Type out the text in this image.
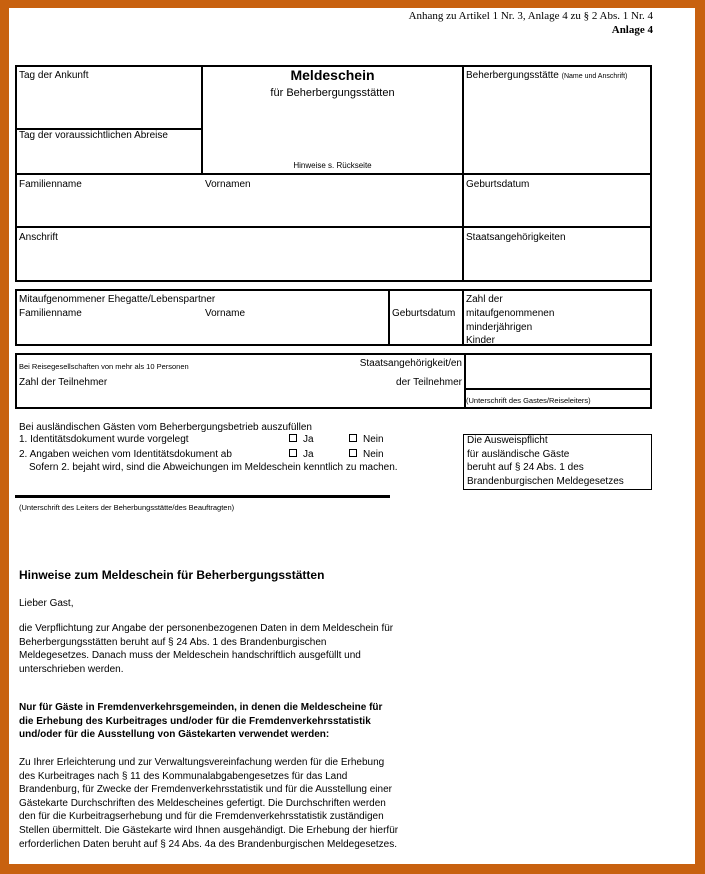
Anhang zu Artikel 1 Nr. 3, Anlage 4 zu § 2 Abs. 1 Nr. 4
Anlage 4
Tag der Ankunft
Tag der voraussichtlichen Abreise
Meldeschein
für Beherbergungsstätten
Hinweise s. Rückseite
Beherbergungsstätte (Name und Anschrift)
Familienname	Vornamen	Geburtsdatum
Anschrift	Staatsangehörigkeiten
Mitaufgenommener Ehegatte/Lebenspartner
Familienname	Vorname	Geburtsdatum
Zahl der
mitaufgenommenen
minderjährigen
Kinder
Bei Reisegesellschaften von mehr als 10 Personen	Staatsangehörigkeit/en
Zahl der Teilnehmer	der Teilnehmer
(Unterschrift des Gastes/Reiseleiters)
Bei ausländischen Gästen vom Beherbergungsbetrieb auszufüllen
1. Identitätsdokument wurde vorgelegt
2. Angaben weichen vom Identitätsdokument ab
Ja	Nein
Ja	Nein
Sofern 2. bejaht wird, sind die Abweichungen im Meldeschein kenntlich zu machen.
Die Ausweispflicht
für ausländische Gäste
beruht auf § 24 Abs. 1 des
Brandenburgischen Meldegesetzes
(Unterschrift des Leiters der Beherbungsstätte/des Beauftragten)
Hinweise zum Meldeschein für Beherbergungsstätten
Lieber Gast,
die Verpflichtung zur Angabe der personenbezogenen Daten in dem Meldeschein für Beherbergungsstätten beruht auf § 24 Abs. 1 des Brandenburgischen Meldegesetzes. Danach muss der Meldeschein handschriftlich ausgefüllt und unterschrieben werden.
Nur für Gäste in Fremdenverkehrsgemeinden, in denen die Meldescheine für die Erhebung des Kurbeitrages und/oder für die Fremdenverkehrsstatistik und/oder für die Ausstellung von Gästekarten verwendet werden:
Zu Ihrer Erleichterung und zur Verwaltungsvereinfachung werden für die Erhebung des Kurbeitrages nach § 11 des Kommunalabgabengesetzes für das Land Brandenburg, für Zwecke der Fremdenverkehrsstatistik und für die Ausstellung einer Gästekarte Durchschriften des Meldescheines gefertigt. Die Durchschriften werden den für die Kurbeitragserhebung und für die Fremdenverkehrsstatistik zuständigen Stellen übermittelt. Die Gästekarte wird Ihnen ausgehändigt. Die Erhebung der hierfür erforderlichen Daten beruht auf § 24 Abs. 4a des Brandenburgischen Meldegesetzes.
